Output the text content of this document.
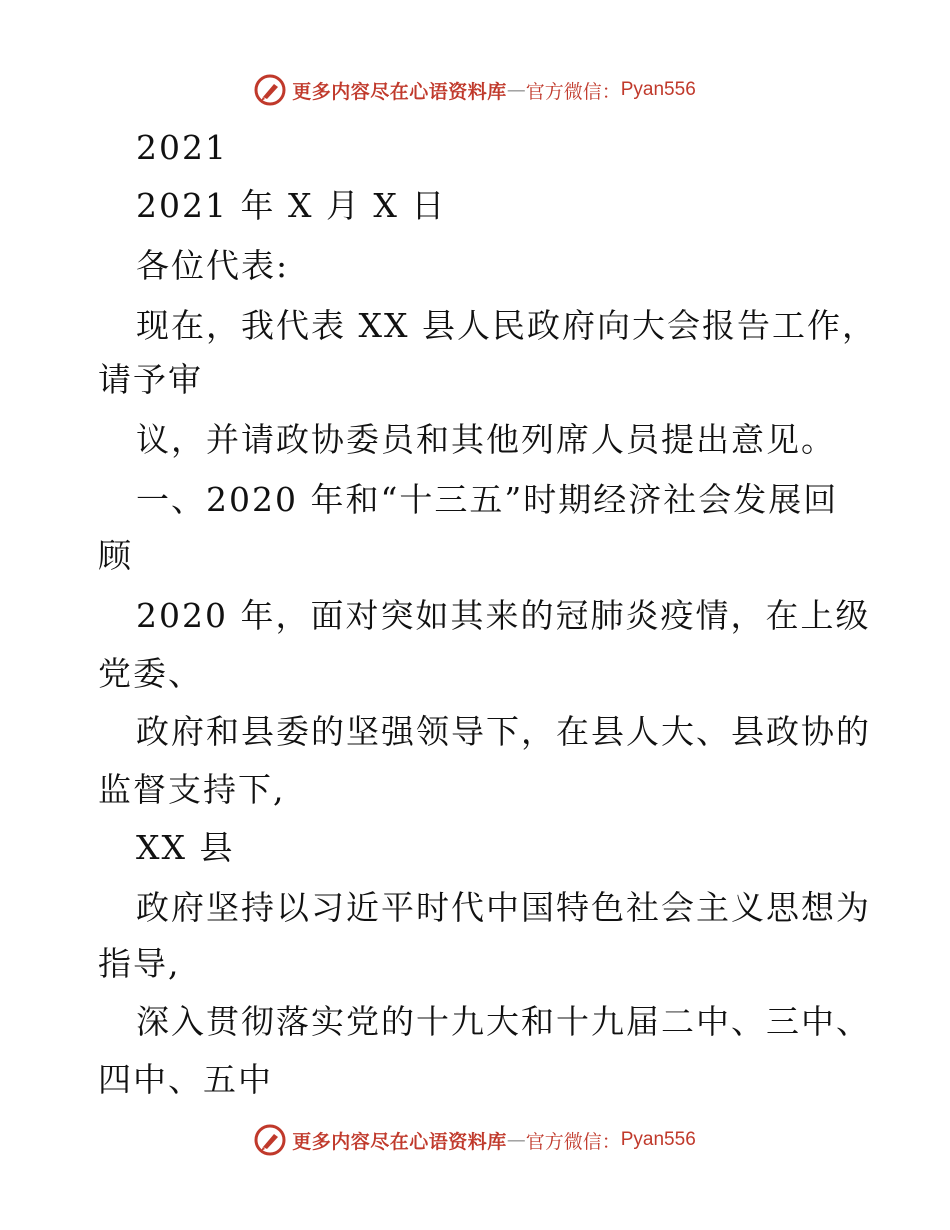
更多内容尽在心语资料库 — 官方微信： Pyan556
2021
2021 年 X 月 X 日
各位代表:
现在，我代表 XX 县人民政府向大会报告工作，
请予审
议，并请政协委员和其他列席人员提出意见。
一、2020 年和“十三五”时期经济社会发展回
顾
2020 年，面对突如其来的冠肺炎疫情，在上级
党委、
政府和县委的坚强领导下，在县人大、县政协的
监督支持下,
XX 县
政府坚持以习近平时代中国特色社会主义思想为
指导,
深入贯彻落实党的十九大和十九届二中、三中、
四中、五中
更多内容尽在心语资料库 — 官方微信： Pyan556
